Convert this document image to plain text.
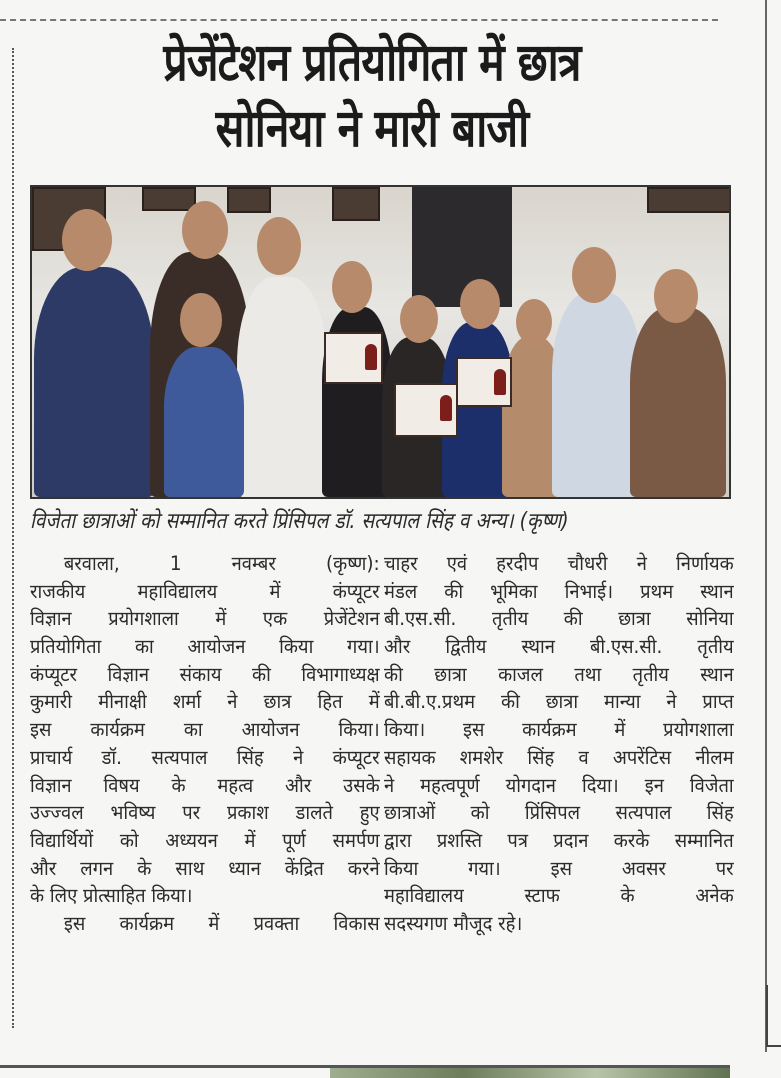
प्रेजेंटेशन प्रतियोगिता में छात्र
सोनिया ने मारी बाजी
विजेता छात्राओं को सम्मानित करते प्रिंसिपल डॉ. सत्यपाल सिंह व अन्य। (कृष्ण)
बरवाला, 1 नवम्बर (कृष्ण):
राजकीय महाविद्यालय में कंप्यूटर
विज्ञान प्रयोगशाला में एक प्रेजेंटेशन
प्रतियोगिता का आयोजन किया गया।
कंप्यूटर विज्ञान संकाय की विभागाध्यक्ष
कुमारी मीनाक्षी शर्मा ने छात्र हित में
इस कार्यक्रम का आयोजन किया।
प्राचार्य डॉ. सत्यपाल सिंह ने कंप्यूटर
विज्ञान विषय के महत्व और उसके
उज्ज्वल भविष्य पर प्रकाश डालते हुए
विद्यार्थियों को अध्ययन में पूर्ण समर्पण
और लगन के साथ ध्यान केंद्रित करने
के लिए प्रोत्साहित किया।
इस कार्यक्रम में प्रवक्ता विकास
चाहर एवं हरदीप चौधरी ने निर्णायक
मंडल की भूमिका निभाई। प्रथम स्थान
बी.एस.सी. तृतीय की छात्रा सोनिया
और द्वितीय स्थान बी.एस.सी. तृतीय
की छात्रा काजल तथा तृतीय स्थान
बी.बी.ए.प्रथम की छात्रा मान्या ने प्राप्त
किया। इस कार्यक्रम में प्रयोगशाला
सहायक शमशेर सिंह व अपरेंटिस नीलम
ने महत्वपूर्ण योगदान दिया। इन विजेता
छात्राओं को प्रिंसिपल सत्यपाल सिंह
द्वारा प्रशस्ति पत्र प्रदान करके सम्मानित
किया गया। इस अवसर पर
महाविद्यालय स्टाफ के अनेक
सदस्यगण मौजूद रहे।
